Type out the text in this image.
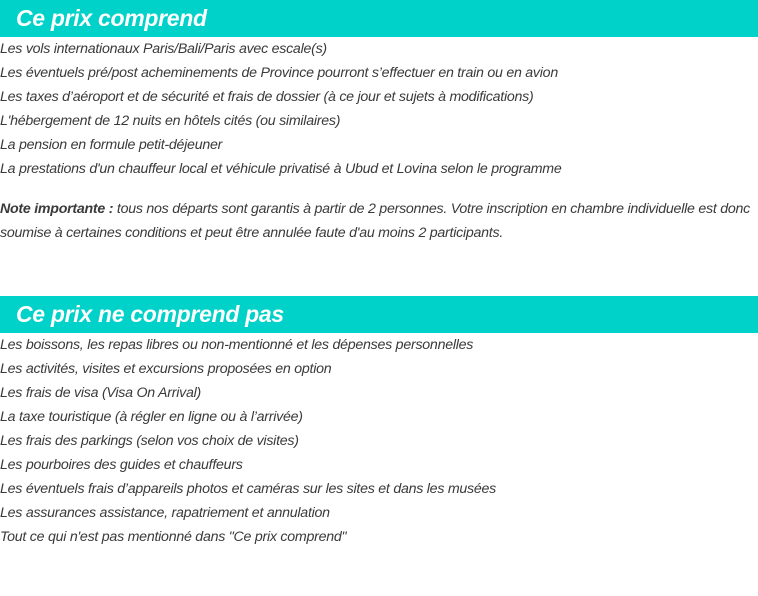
Ce prix comprend
Les vols internationaux Paris/Bali/Paris avec escale(s)
Les éventuels pré/post acheminements de Province pourront s’effectuer en train ou en avion
Les taxes d’aéroport et de sécurité et frais de dossier (à ce jour et sujets à modifications)
L'hébergement de 12 nuits en hôtels cités (ou similaires)
La pension en formule petit-déjeuner
La prestations d'un chauffeur local et véhicule privatisé à Ubud et Lovina selon le programme

Note importante : tous nos départs sont garantis à partir de 2 personnes. Votre inscription en chambre individuelle est donc soumise à certaines conditions et peut être annulée faute d'au moins 2 participants.

Ce prix ne comprend pas
Les boissons, les repas libres ou non-mentionné et les dépenses personnelles
Les activités, visites et excursions proposées en option
Les frais de visa (Visa On Arrival)
La taxe touristique (à régler en ligne ou à l’arrivée)
Les frais des parkings (selon vos choix de visites)
Les pourboires des guides et chauffeurs
Les éventuels frais d’appareils photos et caméras sur les sites et dans les musées
Les assurances assistance, rapatriement et annulation
Tout ce qui n'est pas mentionné dans "Ce prix comprend"
